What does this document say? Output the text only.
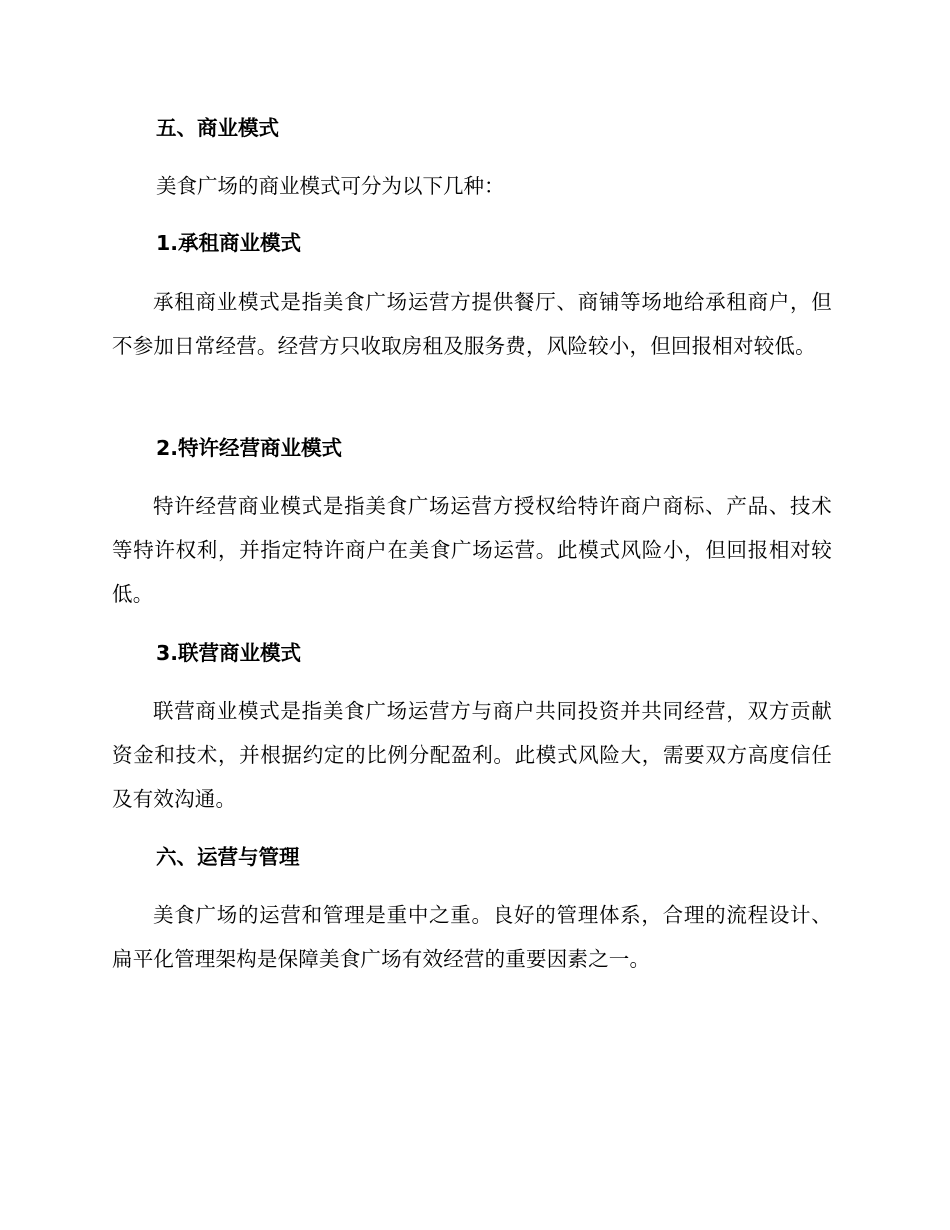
五、商业模式
美食广场的商业模式可分为以下几种：
1.承租商业模式
承租商业模式是指美食广场运营方提供餐厅、商铺等场地给承租商户，但不参加日常经营。经营方只收取房租及服务费，风险较小，但回报相对较低。
2.特许经营商业模式
特许经营商业模式是指美食广场运营方授权给特许商户商标、产品、技术等特许权利，并指定特许商户在美食广场运营。此模式风险小，但回报相对较低。
3.联营商业模式
联营商业模式是指美食广场运营方与商户共同投资并共同经营，双方贡献资金和技术，并根据约定的比例分配盈利。此模式风险大，需要双方高度信任及有效沟通。
六、运营与管理
美食广场的运营和管理是重中之重。良好的管理体系，合理的流程设计、扁平化管理架构是保障美食广场有效经营的重要因素之一。
